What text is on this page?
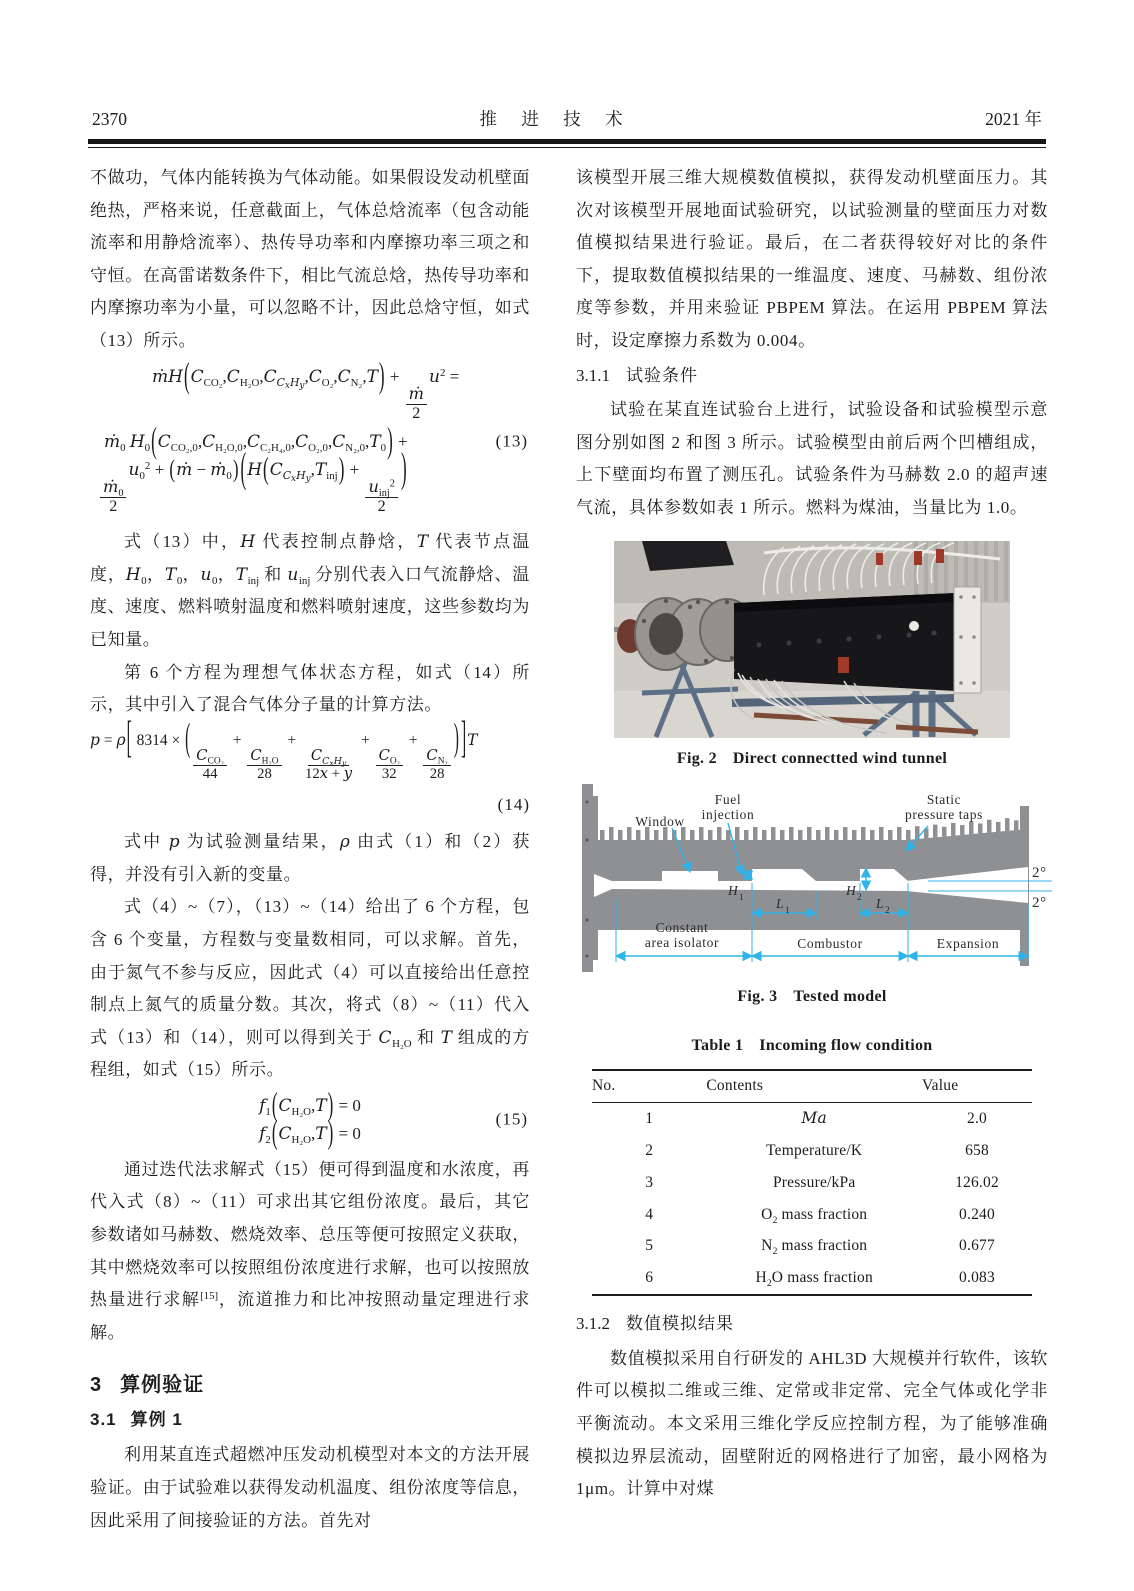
2370	推 进 技 术	2021 年

不做功，气体内能转换为气体动能。如果假设发动机壁面绝热，严格来说，任意截面上，气体总焓流率（包含动能流率和用静焓流率）、热传导功率和内摩擦功率三项之和守恒。在高雷诺数条件下，相比气流总焓，热传导功率和内摩擦功率为小量，可以忽略不计，因此总焓守恒，如式（13）所示。

$ṁH(C_{CO_2},C_{H_2O},C_{C_xH_y},C_{O_2},C_{N_2},T)$ +
$\frac{\text{ṁ}}{2}$
$u^2$ =
ṁ$_0$ $H_0(C_{CO_2,0},C_{H_2O,0},C_{C_2H_4,0},C_{O_2,0},C_{N_2,0},T_0)$ +
$\frac{ṁ_0}{2}$
$u_0^2$ + (ṁ − ṁ$_0$) ($H(C_{C_xH_y},T_{inj})$ +
$\frac{u_{inj}^2}{2}$
)
(13)

式（13）中，H 代表控制点静焓，T 代表节点温度，$H_0$，$T_0$，$u_0$，$T_{inj}$ 和 $u_{inj}$ 分别代表入口气流静焓、温度、速度、燃料喷射温度和燃料喷射速度，这些参数均为已知量。

第 6 个方程为理想气体状态方程，如式（14）所示，其中引入了混合气体分子量的计算方法。

p = ρ[ 8314 × (
$\frac{C_{CO_2}}{44}$
+
$\frac{C_{H_2O}}{28}$
+
$\frac{C_{C_xH_y}}{12x + y}$
+
$\frac{C_{O_2}}{32}$
+
$\frac{C_{N_2}}{28}$
) ]T
(14)

式中 p 为试验测量结果，ρ 由式（1）和（2）获得，并没有引入新的变量。

式（4）~（7），（13）~（14）给出了 6 个方程，包含 6 个变量，方程数与变量数相同，可以求解。首先，由于氮气不参与反应，因此式（4）可以直接给出任意控制点上氮气的质量分数。其次，将式（8）~（11）代入式（13）和（14），则可以得到关于 $C_{H_2O}$ 和 T 组成的方程组，如式（15）所示。

$f_1(C_{H_2O},T) = 0$
$f_2(C_{H_2O},T) = 0$
(15)

通过迭代法求解式（15）便可得到温度和水浓度，再代入式（8）~（11）可求出其它组份浓度。最后，其它参数诸如马赫数、燃烧效率、总压等便可按照定义获取，其中燃烧效率可以按照组份浓度进行求解，也可以按照放热量进行求解[15]，流道推力和比冲按照动量定理进行求解。

3 算例验证
3.1 算例 1

利用某直连式超燃冲压发动机模型对本文的方法开展验证。由于试验难以获得发动机温度、组份浓度等信息，因此采用了间接验证的方法。首先对

该模型开展三维大规模数值模拟，获得发动机壁面压力。其次对该模型开展地面试验研究，以试验测量的壁面压力对数值模拟结果进行验证。最后，在二者获得较好对比的条件下，提取数值模拟结果的一维温度、速度、马赫数、组份浓度等参数，并用来验证 PBPEM 算法。在运用 PBPEM 算法时，设定摩擦力系数为 0.004。

3.1.1 试验条件

试验在某直连试验台上进行，试验设备和试验模型示意图分别如图 2 和图 3 所示。试验模型由前后两个凹槽组成，上下壁面均布置了测压孔。试验条件为马赫数 2.0 的超声速气流，具体参数如表 1 所示。燃料为煤油，当量比为 1.0。

Fig. 2 Direct connectted wind tunnel
Window
Fuel
injection
Static
pressure taps
H 1	H 2
L 1	L 2
2°
2°
Constant
area isolator	Combustor	Expansion
Fig. 3 Tested model
Table 1 Incoming flow condition
No.	Contents	Value
1	Ma	2.0
2	Temperature/K	658
3	Pressure/kPa	126.02
4	$O_2$ mass fraction	0.240
5	$N_2$ mass fraction	0.677
6	$H_2O$ mass fraction	0.083
3.1.2 数值模拟结果

数值模拟采用自行研发的 AHL3D 大规模并行软件，该软件可以模拟二维或三维、定常或非定常、完全气体或化学非平衡流动。本文采用三维化学反应控制方程，为了能够准确模拟边界层流动，固壁附近的网格进行了加密，最小网格为 1μm。计算中对煤
